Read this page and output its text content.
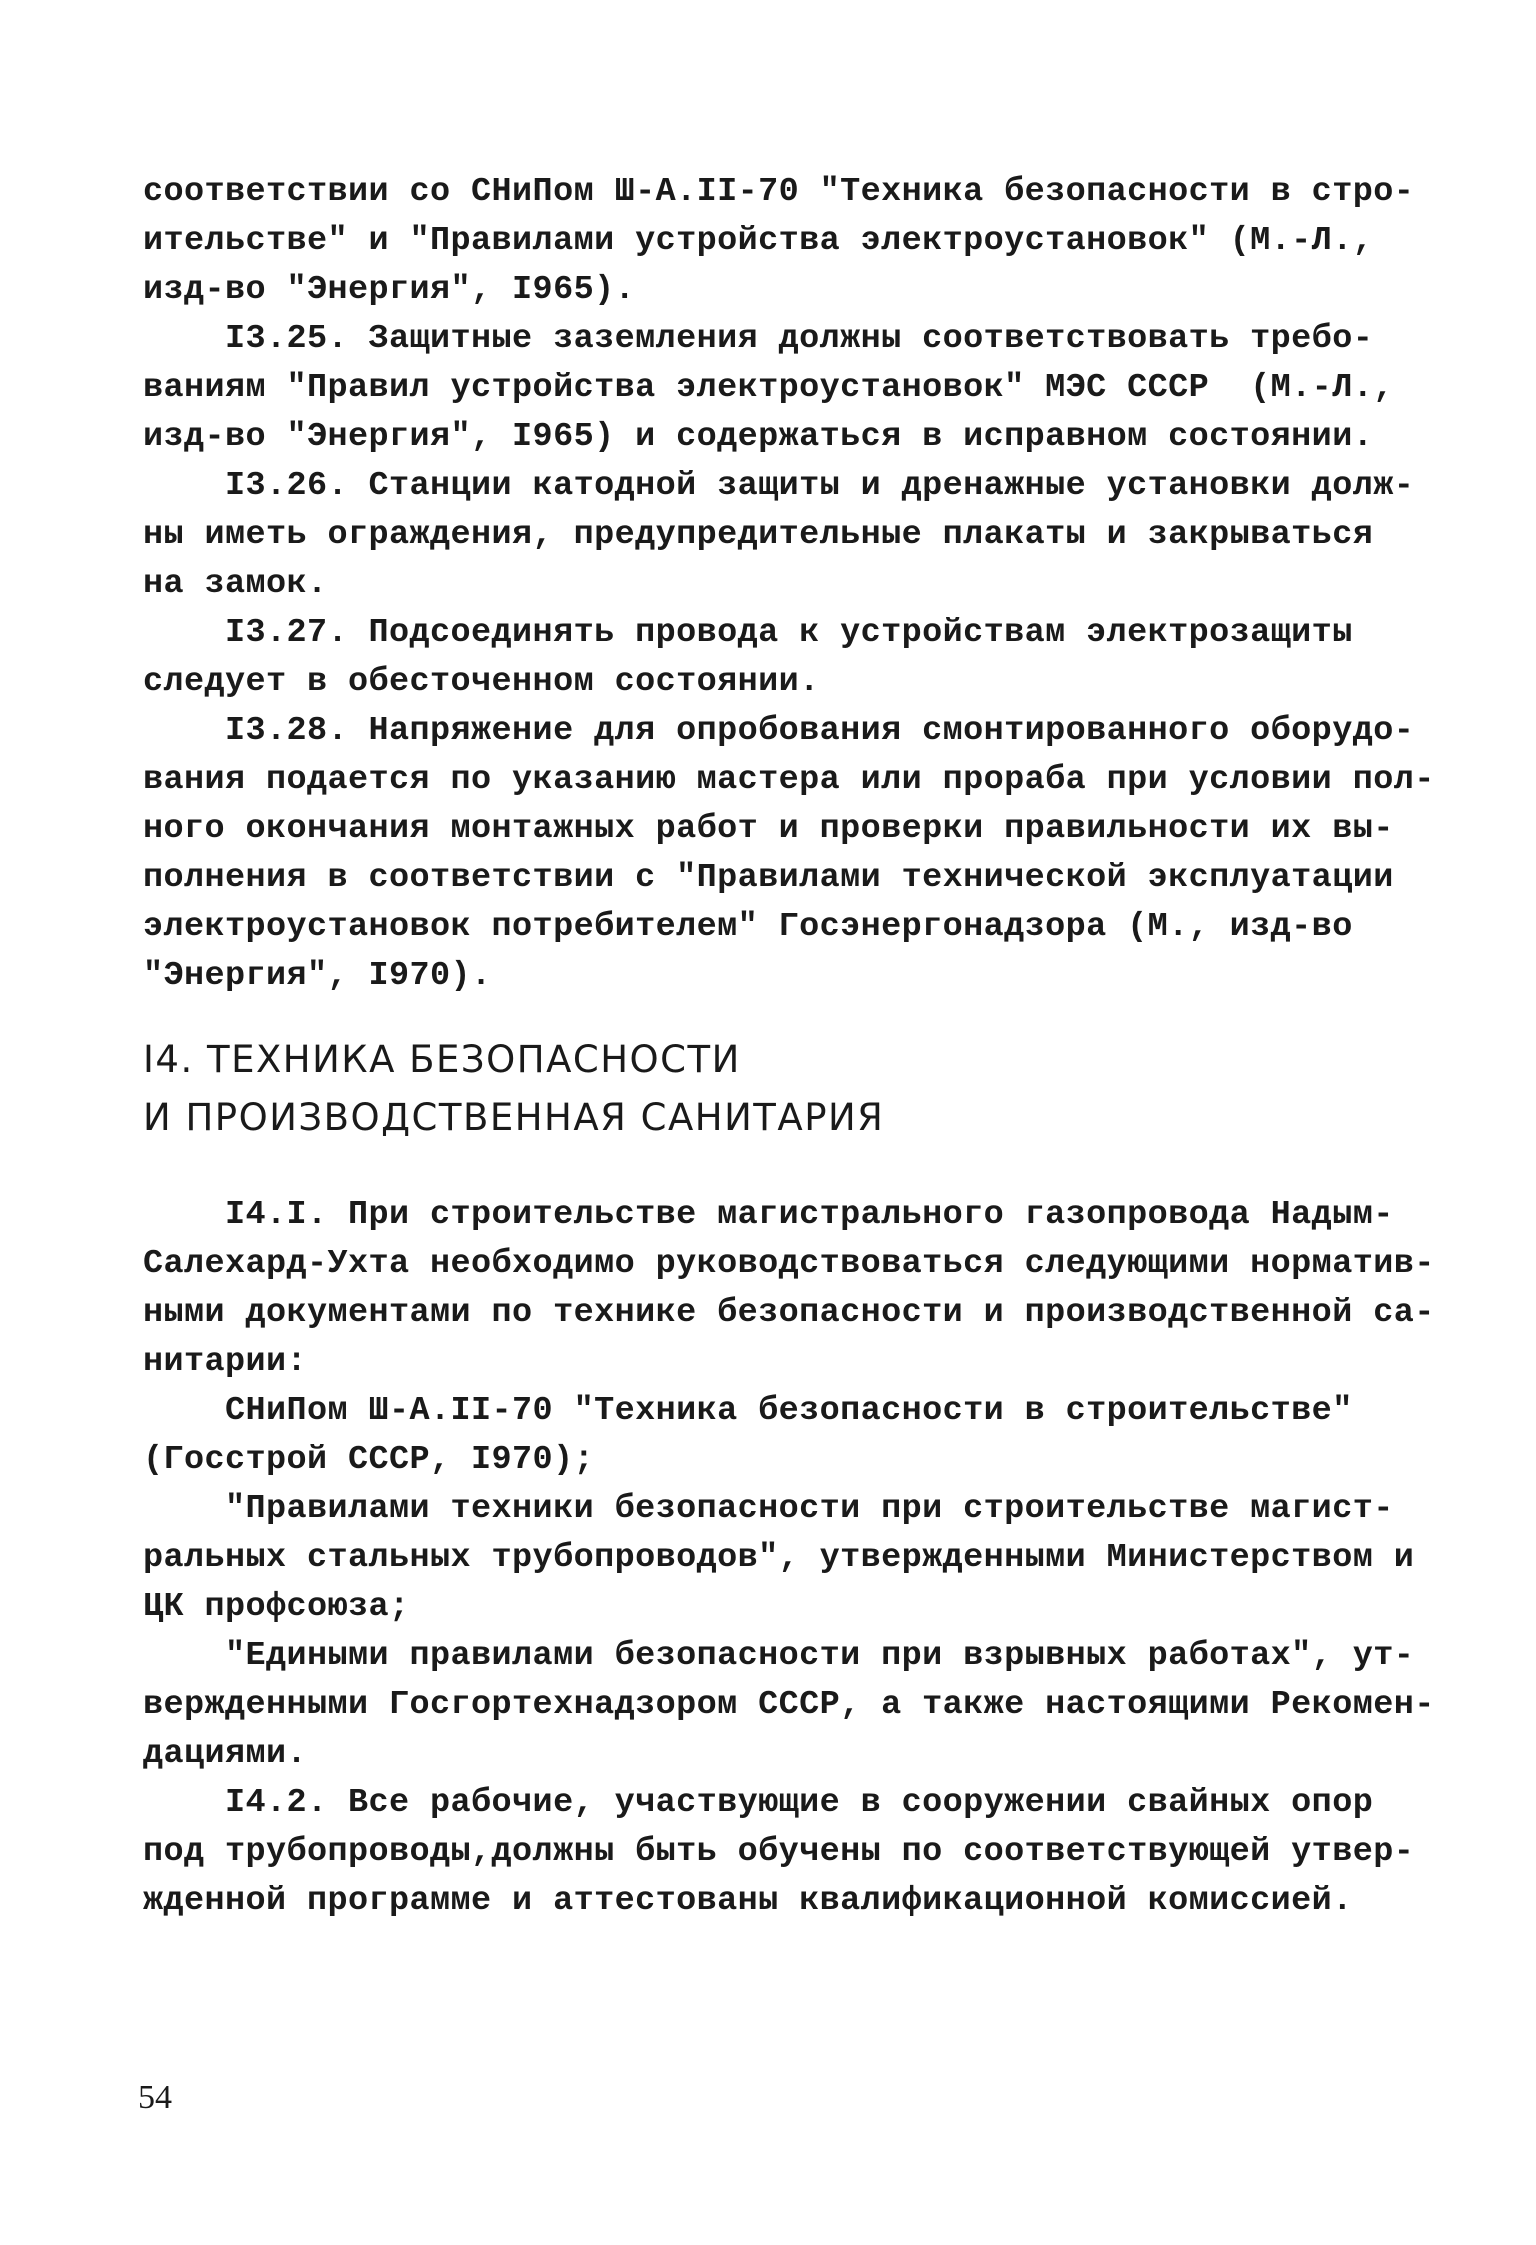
соответствии со СНиПом Ш-А.II-70 "Техника безопасности в стро-
ительстве" и "Правилами устройства электроустановок" (М.-Л.,
изд-во "Энергия", I965).
I3.25. Защитные заземления должны соответствовать требо-
ваниям "Правил устройства электроустановок" МЭС СССР  (М.-Л.,
изд-во "Энергия", I965) и содержаться в исправном состоянии.
I3.26. Станции катодной защиты и дренажные установки долж-
ны иметь ограждения, предупредительные плакаты и закрываться
на замок.
I3.27. Подсоединять провода к устройствам электрозащиты
следует в обесточенном состоянии.
I3.28. Напряжение для опробования смонтированного оборудо-
вания подается по указанию мастера или прораба при условии пол-
ного окончания монтажных работ и проверки правильности их вы-
полнения в соответствии с "Правилами технической эксплуатации
электроустановок потребителем" Госэнергонадзора (М., изд-во
"Энергия", I970).
I4. ТЕХНИКА БЕЗОПАСНОСТИ
И ПРОИЗВОДСТВЕННАЯ САНИТАРИЯ
I4.I. При строительстве магистрального газопровода Надым-
Салехард-Ухта необходимо руководствоваться следующими норматив-
ными документами по технике безопасности и производственной са-
нитарии:
СНиПом Ш-А.II-70 "Техника безопасности в строительстве"
(Госстрой СССР, I970);
"Правилами техники безопасности при строительстве магист-
ральных стальных трубопроводов", утвержденными Министерством и
ЦК профсоюза;
"Едиными правилами безопасности при взрывных работах", ут-
вержденными Госгортехнадзором СССР, а также настоящими Рекомен-
дациями.
I4.2. Все рабочие, участвующие в сооружении свайных опор
под трубопроводы,должны быть обучены по соответствующей утвер-
жденной программе и аттестованы квалификационной комиссией.
54
